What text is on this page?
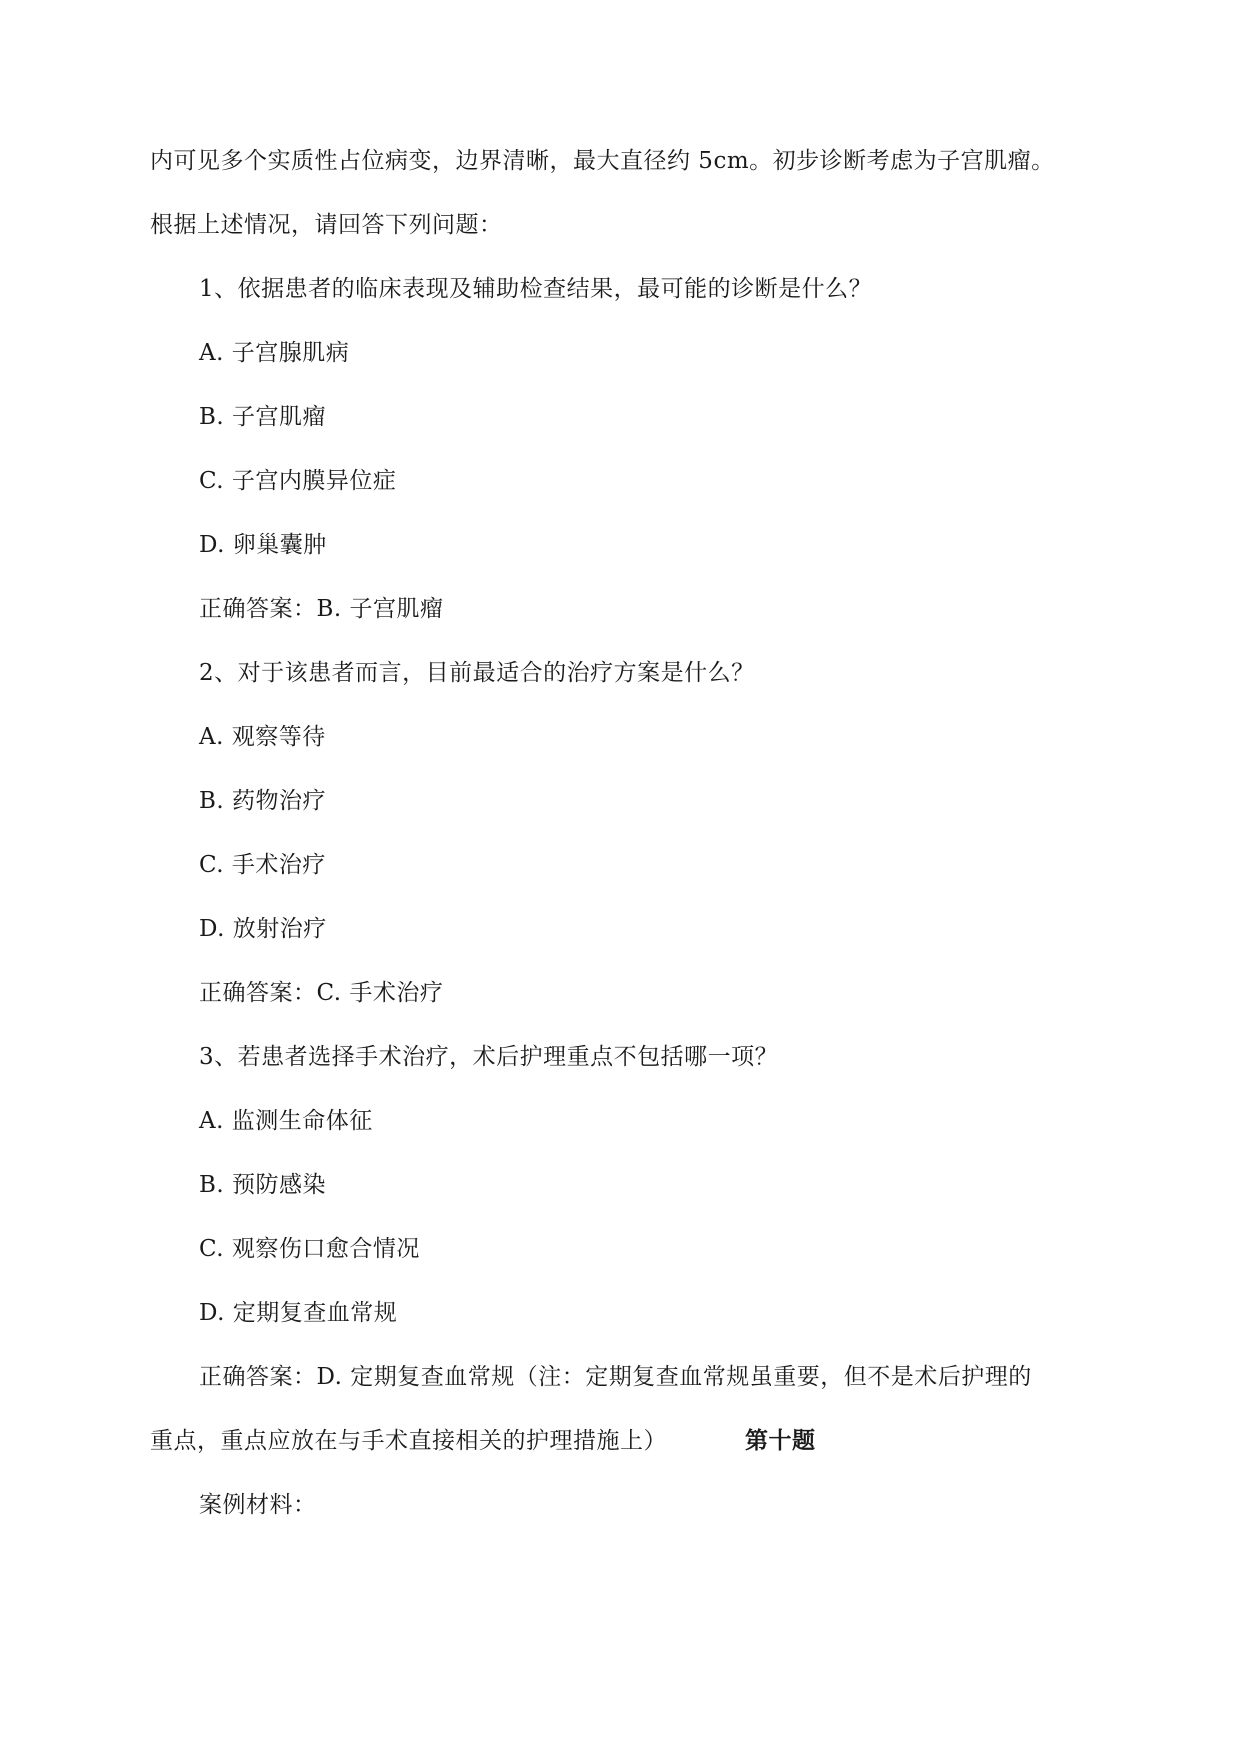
内可见多个实质性占位病变，边界清晰，最大直径约 5cm。初步诊断考虑为子宫肌瘤。
根据上述情况，请回答下列问题：
1、依据患者的临床表现及辅助检查结果，最可能的诊断是什么？
A. 子宫腺肌病
B. 子宫肌瘤
C. 子宫内膜异位症
D. 卵巢囊肿
正确答案：B. 子宫肌瘤
2、对于该患者而言，目前最适合的治疗方案是什么？
A. 观察等待
B. 药物治疗
C. 手术治疗
D. 放射治疗
正确答案：C. 手术治疗
3、若患者选择手术治疗，术后护理重点不包括哪一项？
A. 监测生命体征
B. 预防感染
C. 观察伤口愈合情况
D. 定期复查血常规
正确答案：D. 定期复查血常规（注：定期复查血常规虽重要，但不是术后护理的
重点，重点应放在与手术直接相关的护理措施上）	第十题
案例材料：
